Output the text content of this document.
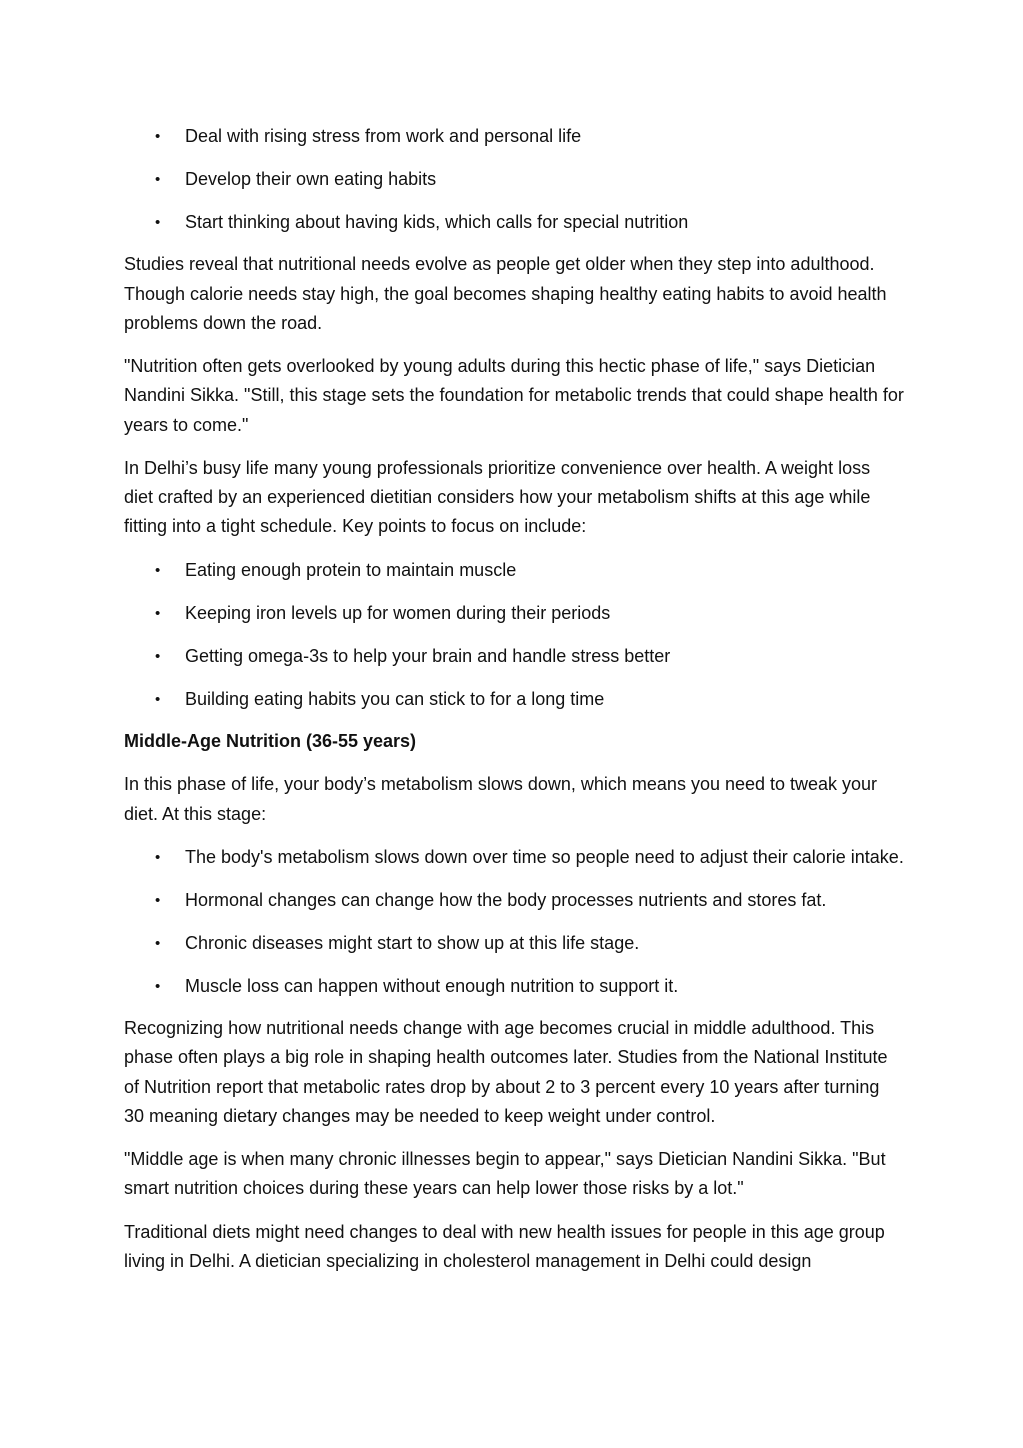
• Deal with rising stress from work and personal life
• Develop their own eating habits
• Start thinking about having kids, which calls for special nutrition

Studies reveal that nutritional needs evolve as people get older when they step into adulthood. Though calorie needs stay high, the goal becomes shaping healthy eating habits to avoid health problems down the road.

"Nutrition often gets overlooked by young adults during this hectic phase of life," says Dietician Nandini Sikka. "Still, this stage sets the foundation for metabolic trends that could shape health for years to come."

In Delhi’s busy life many young professionals prioritize convenience over health. A weight loss diet crafted by an experienced dietitian considers how your metabolism shifts at this age while fitting into a tight schedule. Key points to focus on include:

• Eating enough protein to maintain muscle
• Keeping iron levels up for women during their periods
• Getting omega-3s to help your brain and handle stress better
• Building eating habits you can stick to for a long time
Middle-Age Nutrition (36-55 years)

In this phase of life, your body’s metabolism slows down, which means you need to tweak your diet. At this stage:

• The body's metabolism slows down over time so people need to adjust their calorie intake.
• Hormonal changes can change how the body processes nutrients and stores fat.
• Chronic diseases might start to show up at this life stage.
• Muscle loss can happen without enough nutrition to support it.

Recognizing how nutritional needs change with age becomes crucial in middle adulthood. This phase often plays a big role in shaping health outcomes later. Studies from the National Institute of Nutrition report that metabolic rates drop by about 2 to 3 percent every 10 years after turning 30 meaning dietary changes may be needed to keep weight under control.

"Middle age is when many chronic illnesses begin to appear," says Dietician Nandini Sikka. "But smart nutrition choices during these years can help lower those risks by a lot."

Traditional diets might need changes to deal with new health issues for people in this age group living in Delhi. A dietician specializing in cholesterol management in Delhi could design
